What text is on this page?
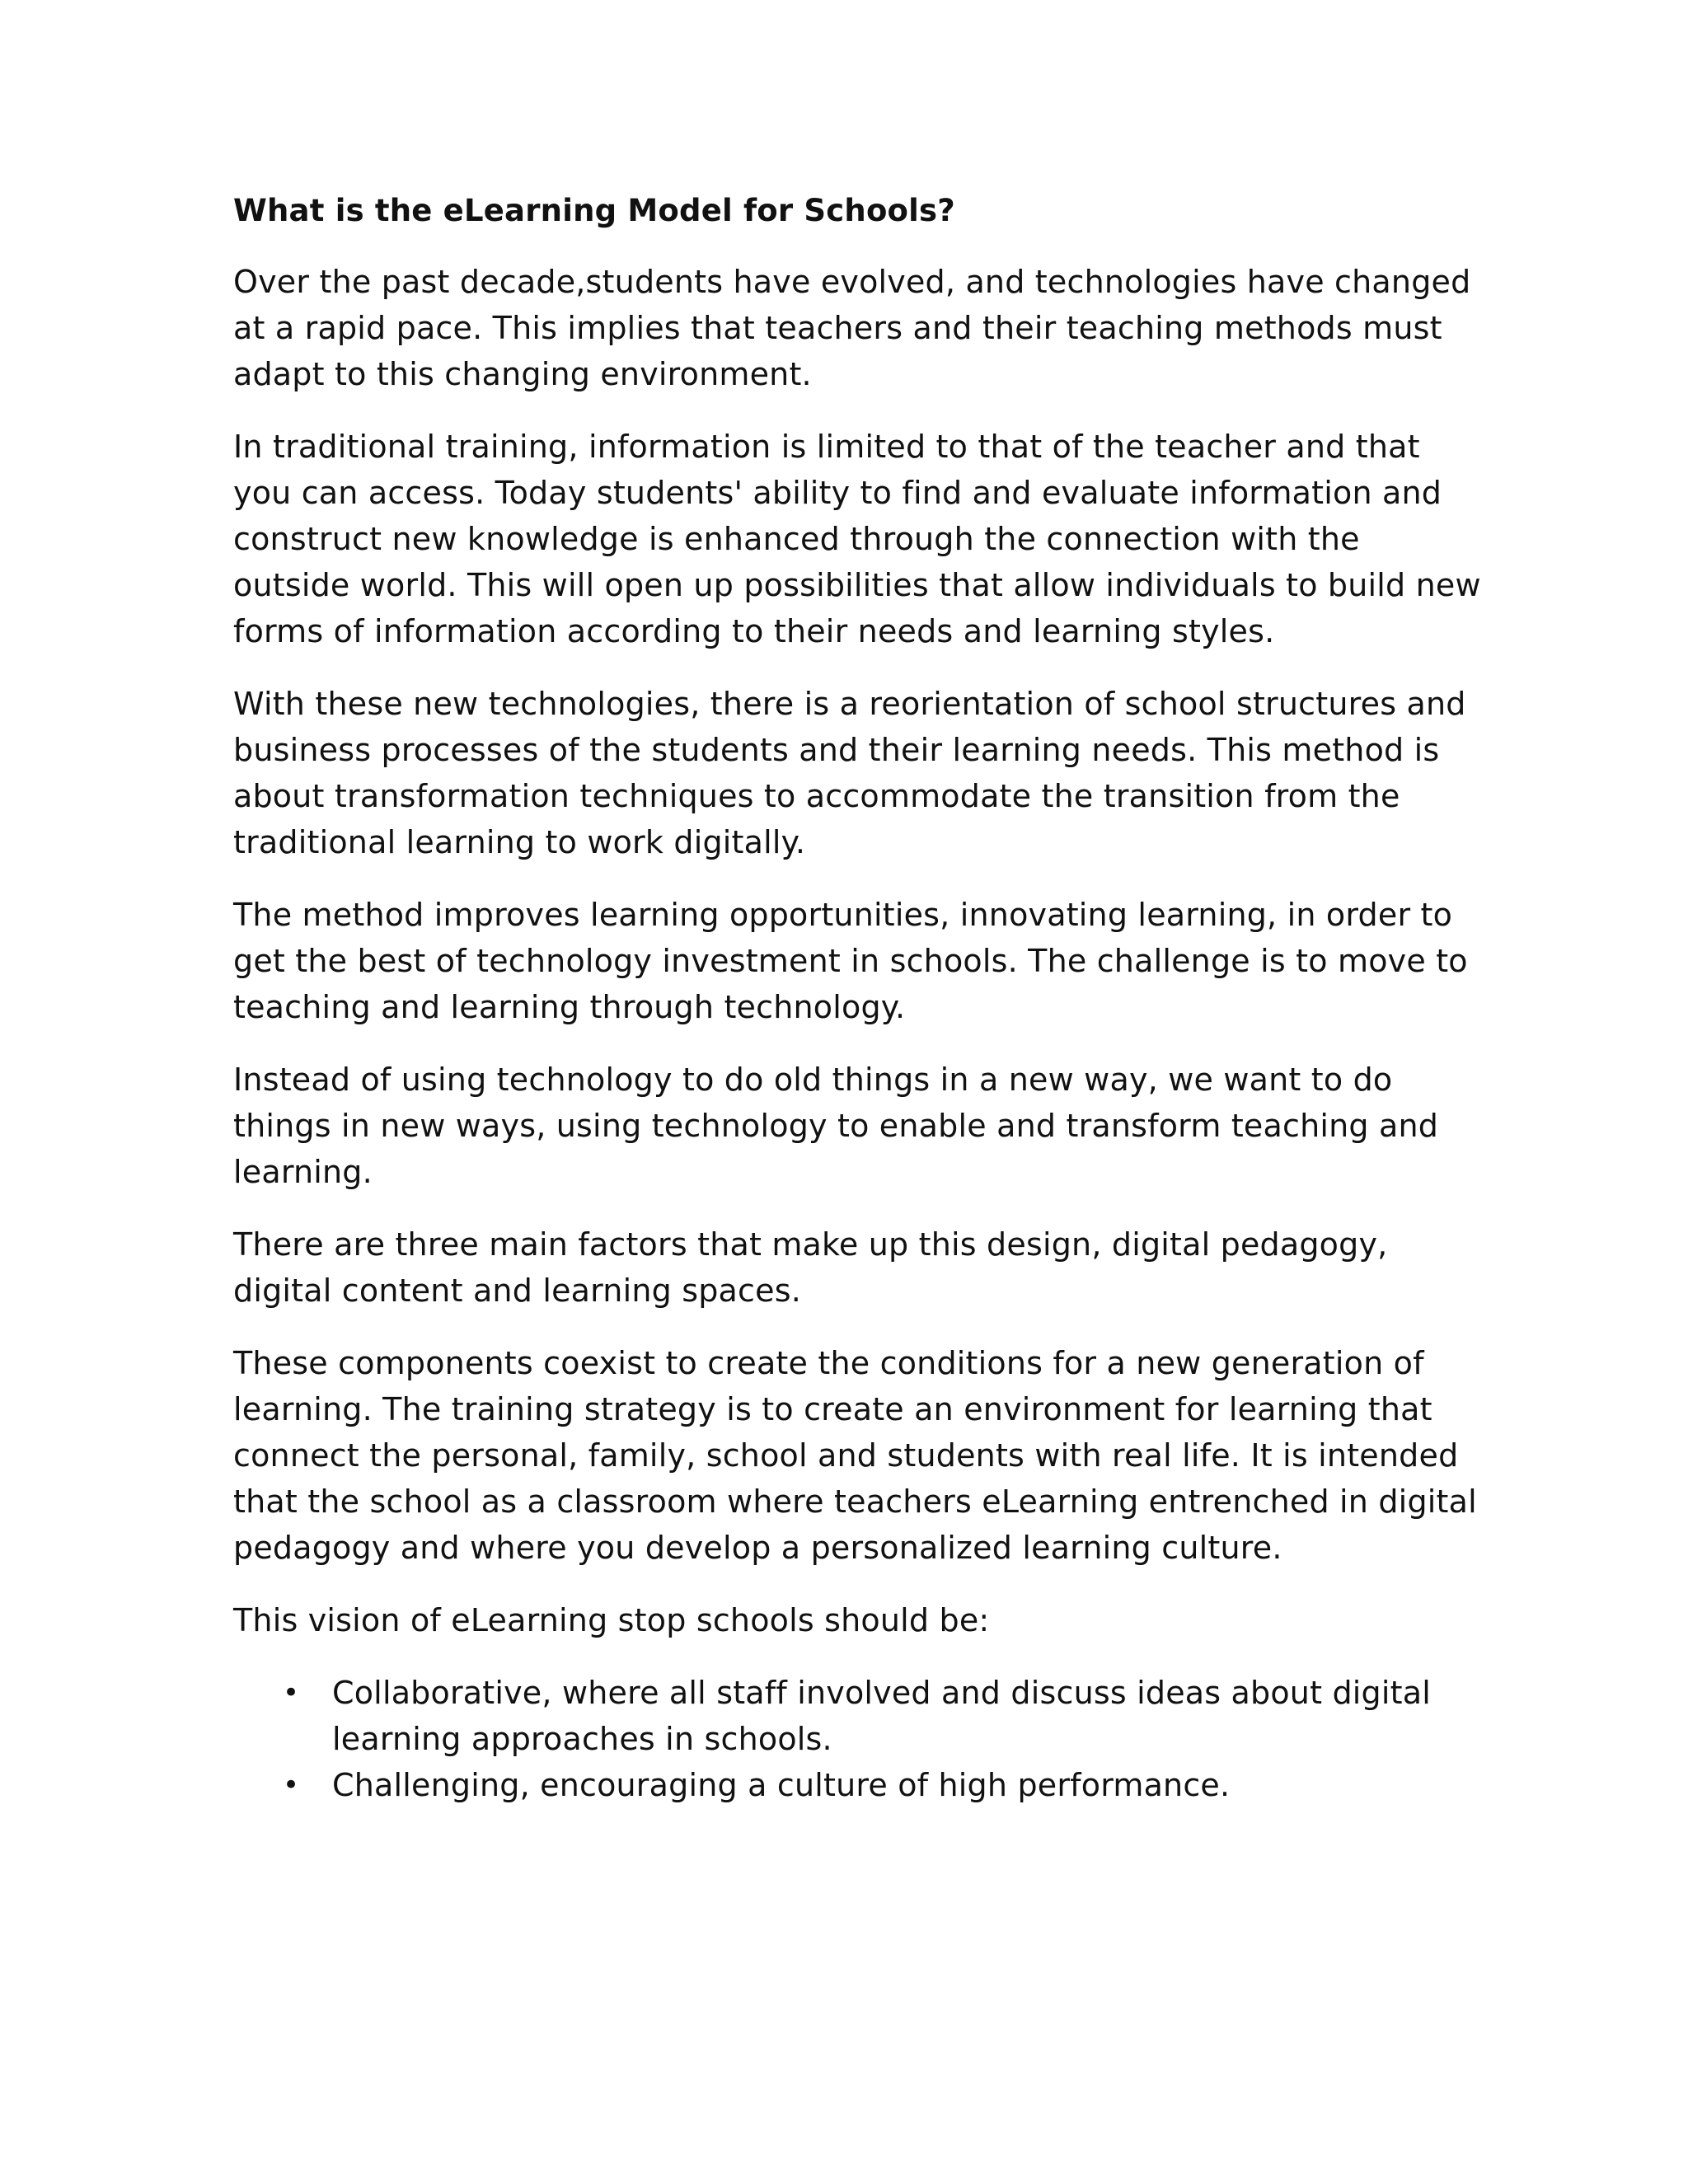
What is the eLearning Model for Schools?

Over the past decade,students have evolved, and technologies have changed at a rapid pace. This implies that teachers and their teaching methods must adapt to this changing environment.

In traditional training, information is limited to that of the teacher and that you can access. Today students' ability to find and evaluate information and construct new knowledge is enhanced through the connection with the outside world. This will open up possibilities that allow individuals to build new forms of information according to their needs and learning styles.

With these new technologies, there is a reorientation of school structures and business processes of the students and their learning needs. This method is about transformation techniques to accommodate the transition from the traditional learning to work digitally.

The method improves learning opportunities, innovating learning, in order to get the best of technology investment in schools. The challenge is to move to teaching and learning through technology.

Instead of using technology to do old things in a new way, we want to do things in new ways, using technology to enable and transform teaching and learning.

There are three main factors that make up this design, digital pedagogy, digital content and learning spaces.

These components coexist to create the conditions for a new generation of learning. The training strategy is to create an environment for learning that connect the personal, family, school and students with real life. It is intended that the school as a classroom where teachers eLearning entrenched in digital pedagogy and where you develop a personalized learning culture.

This vision of eLearning stop schools should be:

• Collaborative, where all staff involved and discuss ideas about digital learning approaches in schools.
• Challenging, encouraging a culture of high performance.
